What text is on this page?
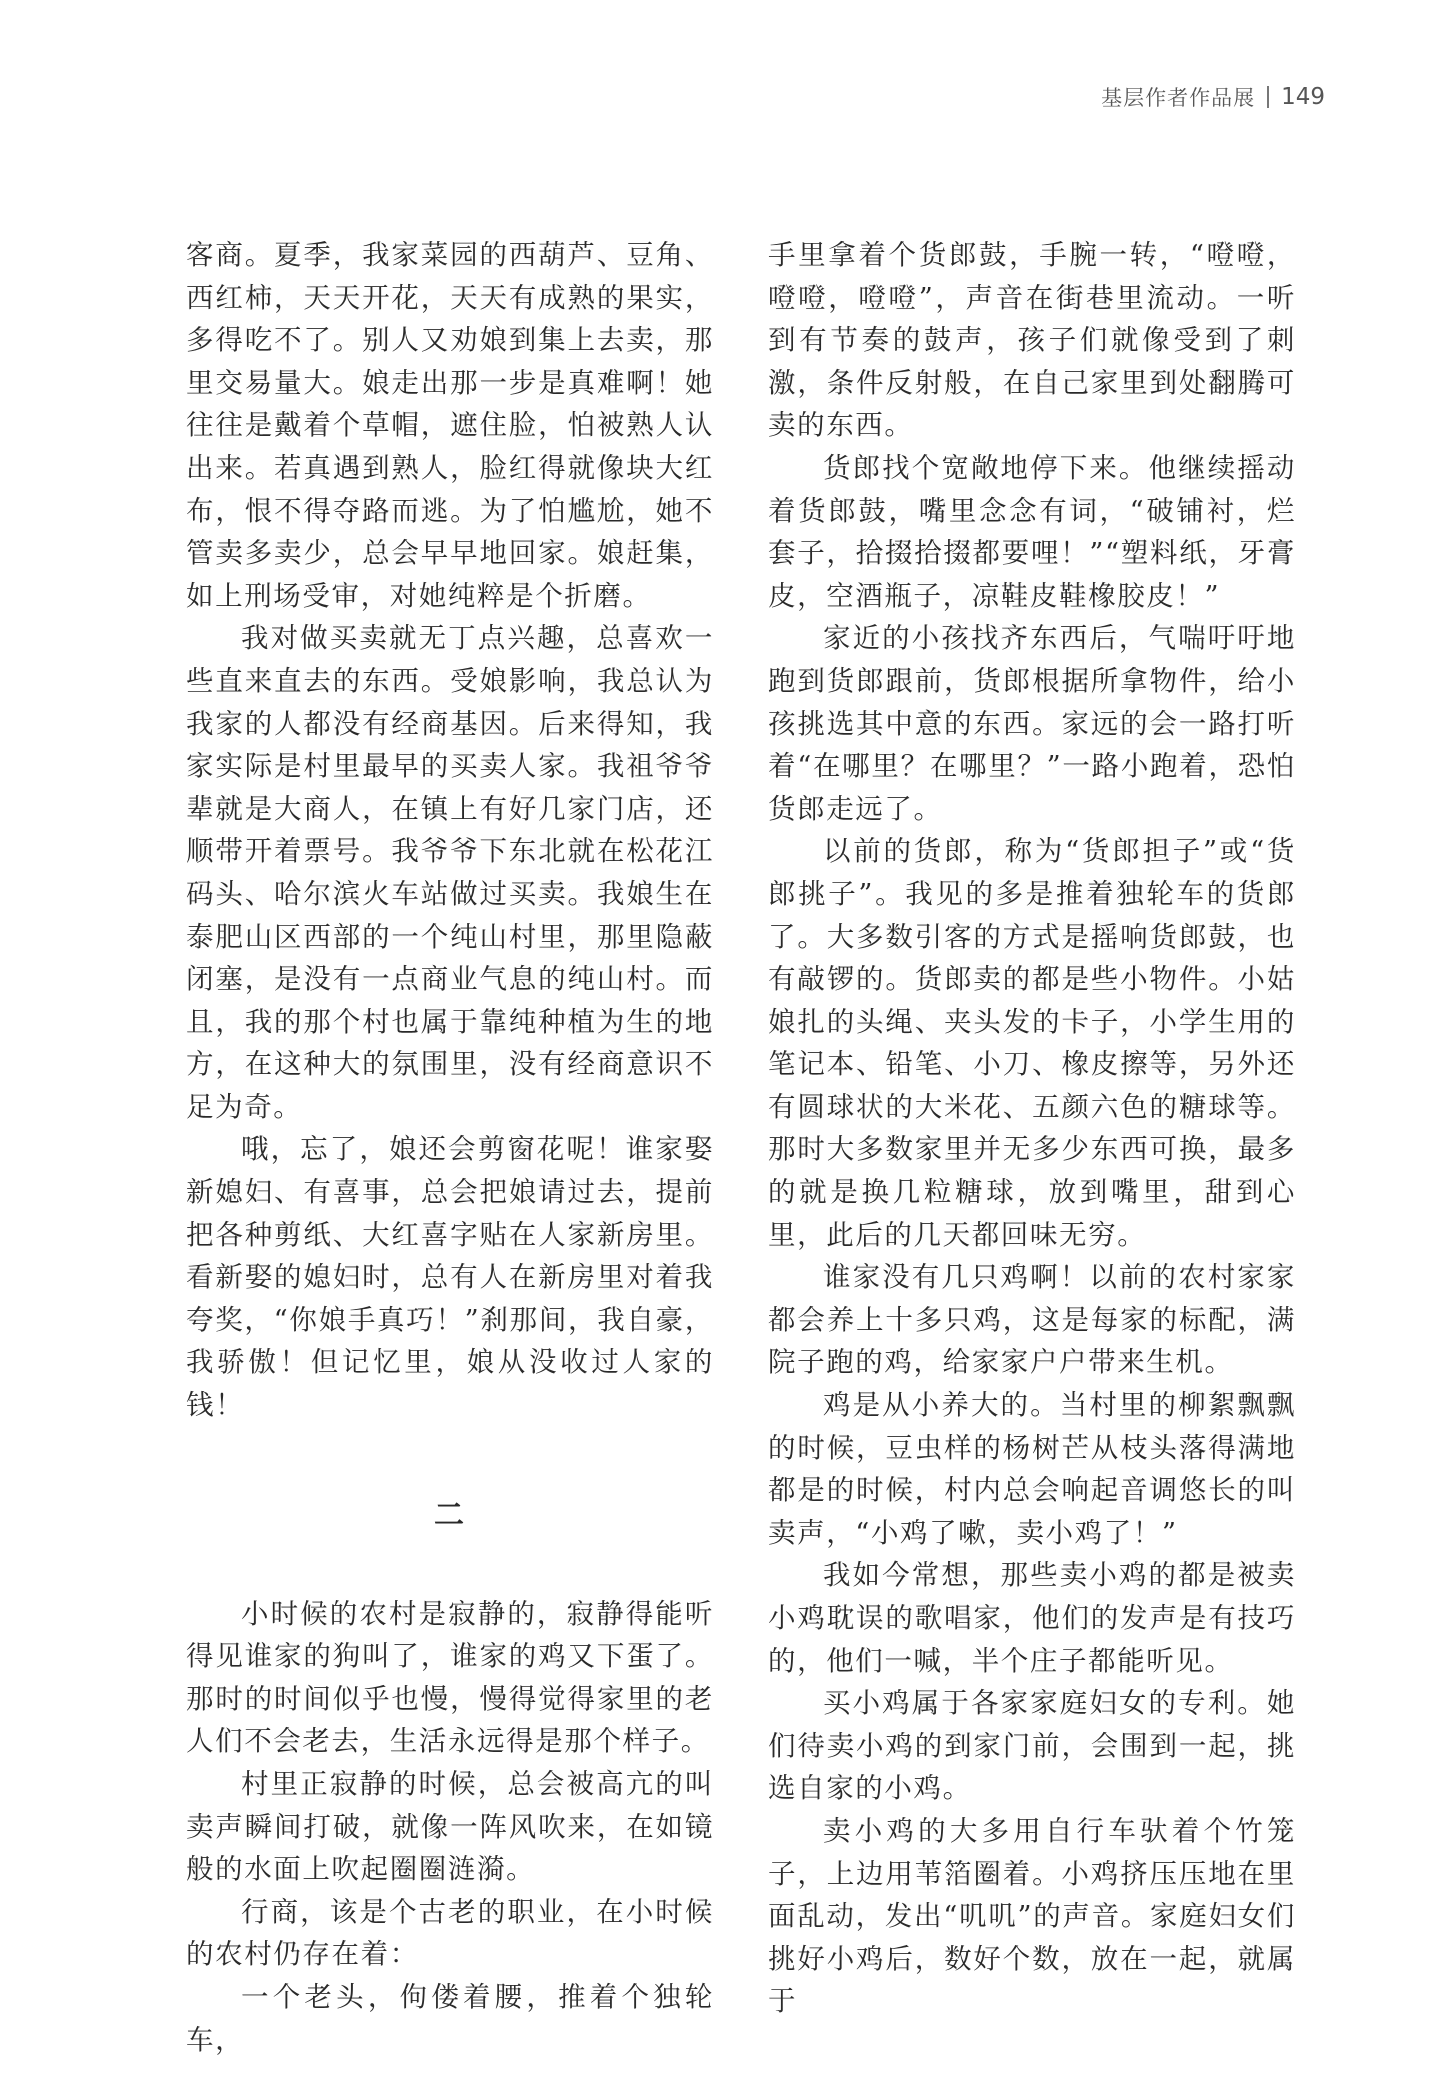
基层作者作品展 149

客商。夏季，我家菜园的西葫芦、豆角、西红柿，天天开花，天天有成熟的果实，多得吃不了。别人又劝娘到集上去卖，那里交易量大。娘走出那一步是真难啊！她往往是戴着个草帽，遮住脸，怕被熟人认出来。若真遇到熟人，脸红得就像块大红布，恨不得夺路而逃。为了怕尴尬，她不管卖多卖少，总会早早地回家。娘赶集，如上刑场受审，对她纯粹是个折磨。

我对做买卖就无丁点兴趣，总喜欢一些直来直去的东西。受娘影响，我总认为我家的人都没有经商基因。后来得知，我家实际是村里最早的买卖人家。我祖爷爷辈就是大商人，在镇上有好几家门店，还顺带开着票号。我爷爷下东北就在松花江码头、哈尔滨火车站做过买卖。我娘生在泰肥山区西部的一个纯山村里，那里隐蔽闭塞，是没有一点商业气息的纯山村。而且，我的那个村也属于靠纯种植为生的地方，在这种大的氛围里，没有经商意识不足为奇。

哦，忘了，娘还会剪窗花呢！谁家娶新媳妇、有喜事，总会把娘请过去，提前把各种剪纸、大红喜字贴在人家新房里。看新娶的媳妇时，总有人在新房里对着我夸奖，“你娘手真巧！”刹那间，我自豪，我骄傲！但记忆里，娘从没收过人家的钱！

二

小时候的农村是寂静的，寂静得能听得见谁家的狗叫了，谁家的鸡又下蛋了。那时的时间似乎也慢，慢得觉得家里的老人们不会老去，生活永远得是那个样子。

村里正寂静的时候，总会被高亢的叫卖声瞬间打破，就像一阵风吹来，在如镜般的水面上吹起圈圈涟漪。

行商，该是个古老的职业，在小时候的农村仍存在着：

一个老头，佝偻着腰，推着个独轮车，

手里拿着个货郎鼓，手腕一转，“噔噔，噔噔，噔噔”，声音在街巷里流动。一听到有节奏的鼓声，孩子们就像受到了刺激，条件反射般，在自己家里到处翻腾可卖的东西。

货郎找个宽敞地停下来。他继续摇动着货郎鼓，嘴里念念有词，“破铺衬，烂套子，拾掇拾掇都要哩！”“塑料纸，牙膏皮，空酒瓶子，凉鞋皮鞋橡胶皮！”

家近的小孩找齐东西后，气喘吁吁地跑到货郎跟前，货郎根据所拿物件，给小孩挑选其中意的东西。家远的会一路打听着“在哪里？在哪里？”一路小跑着，恐怕货郎走远了。

以前的货郎，称为“货郎担子”或“货郎挑子”。我见的多是推着独轮车的货郎了。大多数引客的方式是摇响货郎鼓，也有敲锣的。货郎卖的都是些小物件。小姑娘扎的头绳、夹头发的卡子，小学生用的笔记本、铅笔、小刀、橡皮擦等，另外还有圆球状的大米花、五颜六色的糖球等。那时大多数家里并无多少东西可换，最多的就是换几粒糖球，放到嘴里，甜到心里，此后的几天都回味无穷。

谁家没有几只鸡啊！以前的农村家家都会养上十多只鸡，这是每家的标配，满院子跑的鸡，给家家户户带来生机。

鸡是从小养大的。当村里的柳絮飘飘的时候，豆虫样的杨树芒从枝头落得满地都是的时候，村内总会响起音调悠长的叫卖声，“小鸡了嗽，卖小鸡了！”

我如今常想，那些卖小鸡的都是被卖小鸡耽误的歌唱家，他们的发声是有技巧的，他们一喊，半个庄子都能听见。

买小鸡属于各家家庭妇女的专利。她们待卖小鸡的到家门前，会围到一起，挑选自家的小鸡。

卖小鸡的大多用自行车驮着个竹笼子，上边用苇箔圈着。小鸡挤压压地在里面乱动，发出“叽叽”的声音。家庭妇女们挑好小鸡后，数好个数，放在一起，就属于
